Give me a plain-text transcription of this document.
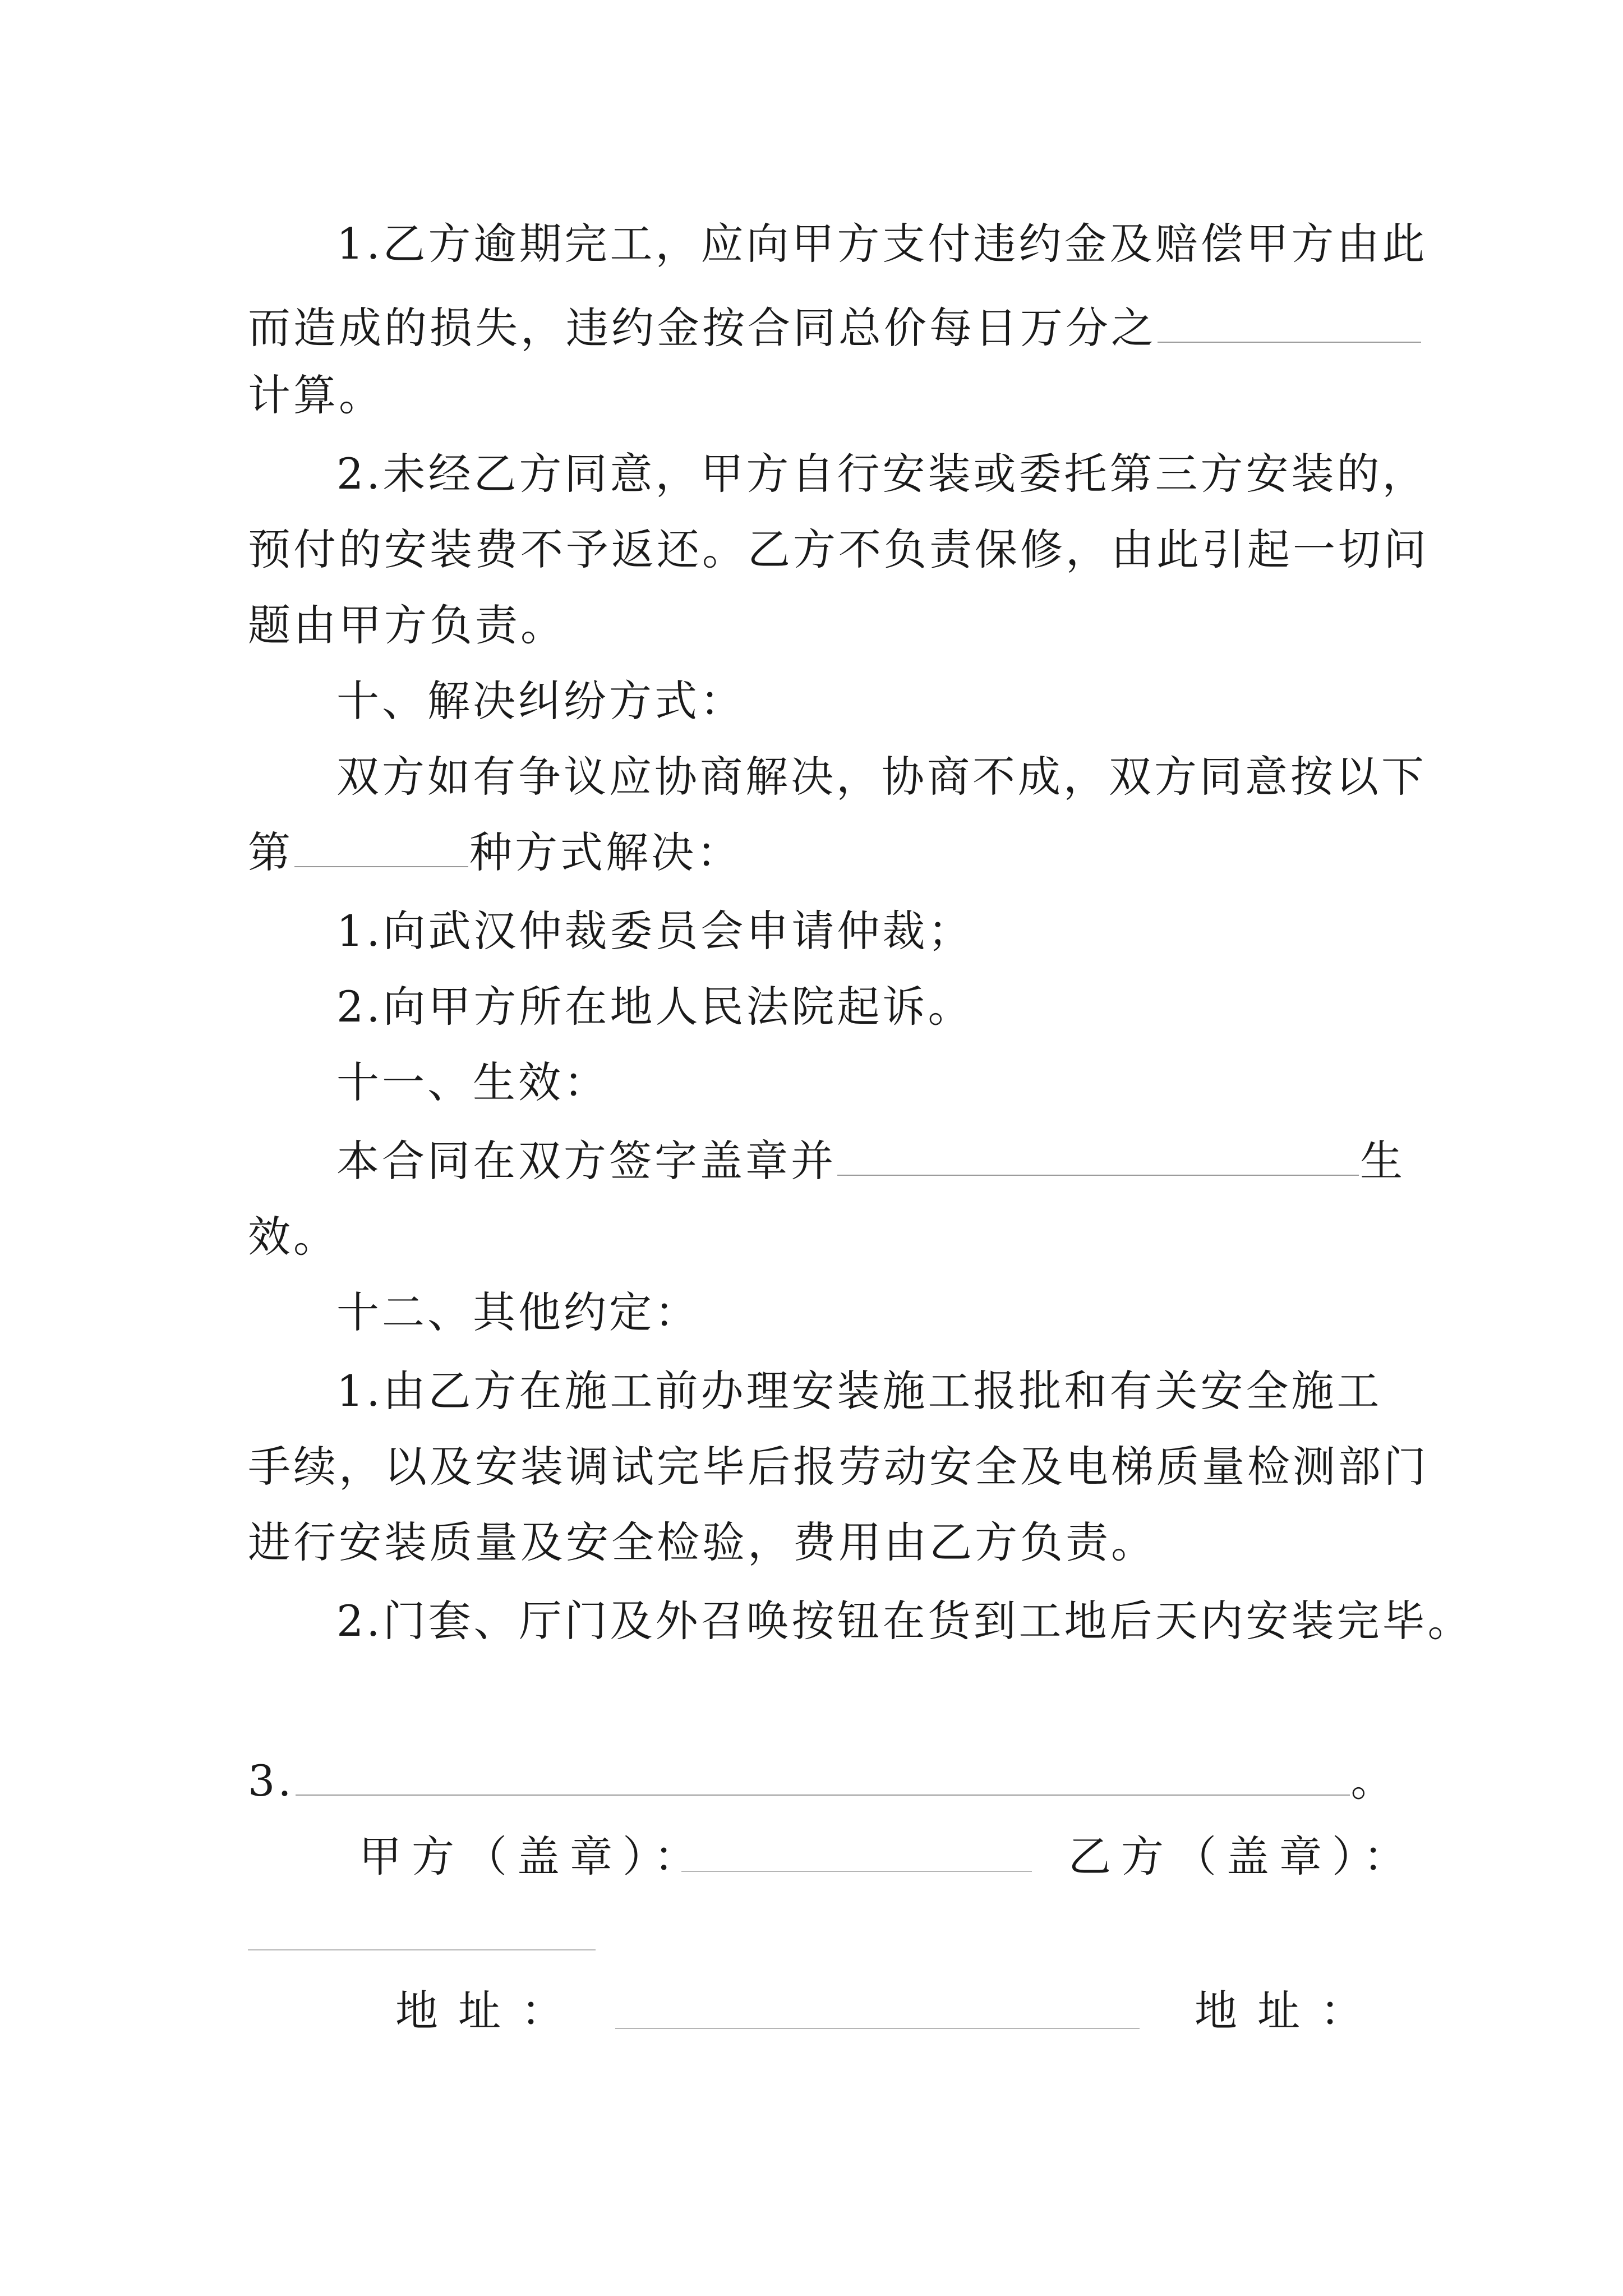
1.乙方逾期完工，应向甲方支付违约金及赔偿甲方由此
而造成的损失，违约金按合同总价每日万分之
计算。
2.未经乙方同意，甲方自行安装或委托第三方安装的，
预付的安装费不予返还。乙方不负责保修，由此引起一切问
题由甲方负责。
十、解决纠纷方式：
双方如有争议应协商解决，协商不成，双方同意按以下
第	种方式解决：
1.向武汉仲裁委员会申请仲裁；
2.向甲方所在地人民法院起诉。
十一、生效：
本合同在双方签字盖章并	生
效。
十二、其他约定：
1.由乙方在施工前办理安装施工报批和有关安全施工
手续，以及安装调试完毕后报劳动安全及电梯质量检测部门
进行安装质量及安全检验，费用由乙方负责。
2.门套、厅门及外召唤按钮在货到工地后天内安装完毕。
3.	。
甲方（盖章）：	乙方（盖章）：
地址：	地址：
